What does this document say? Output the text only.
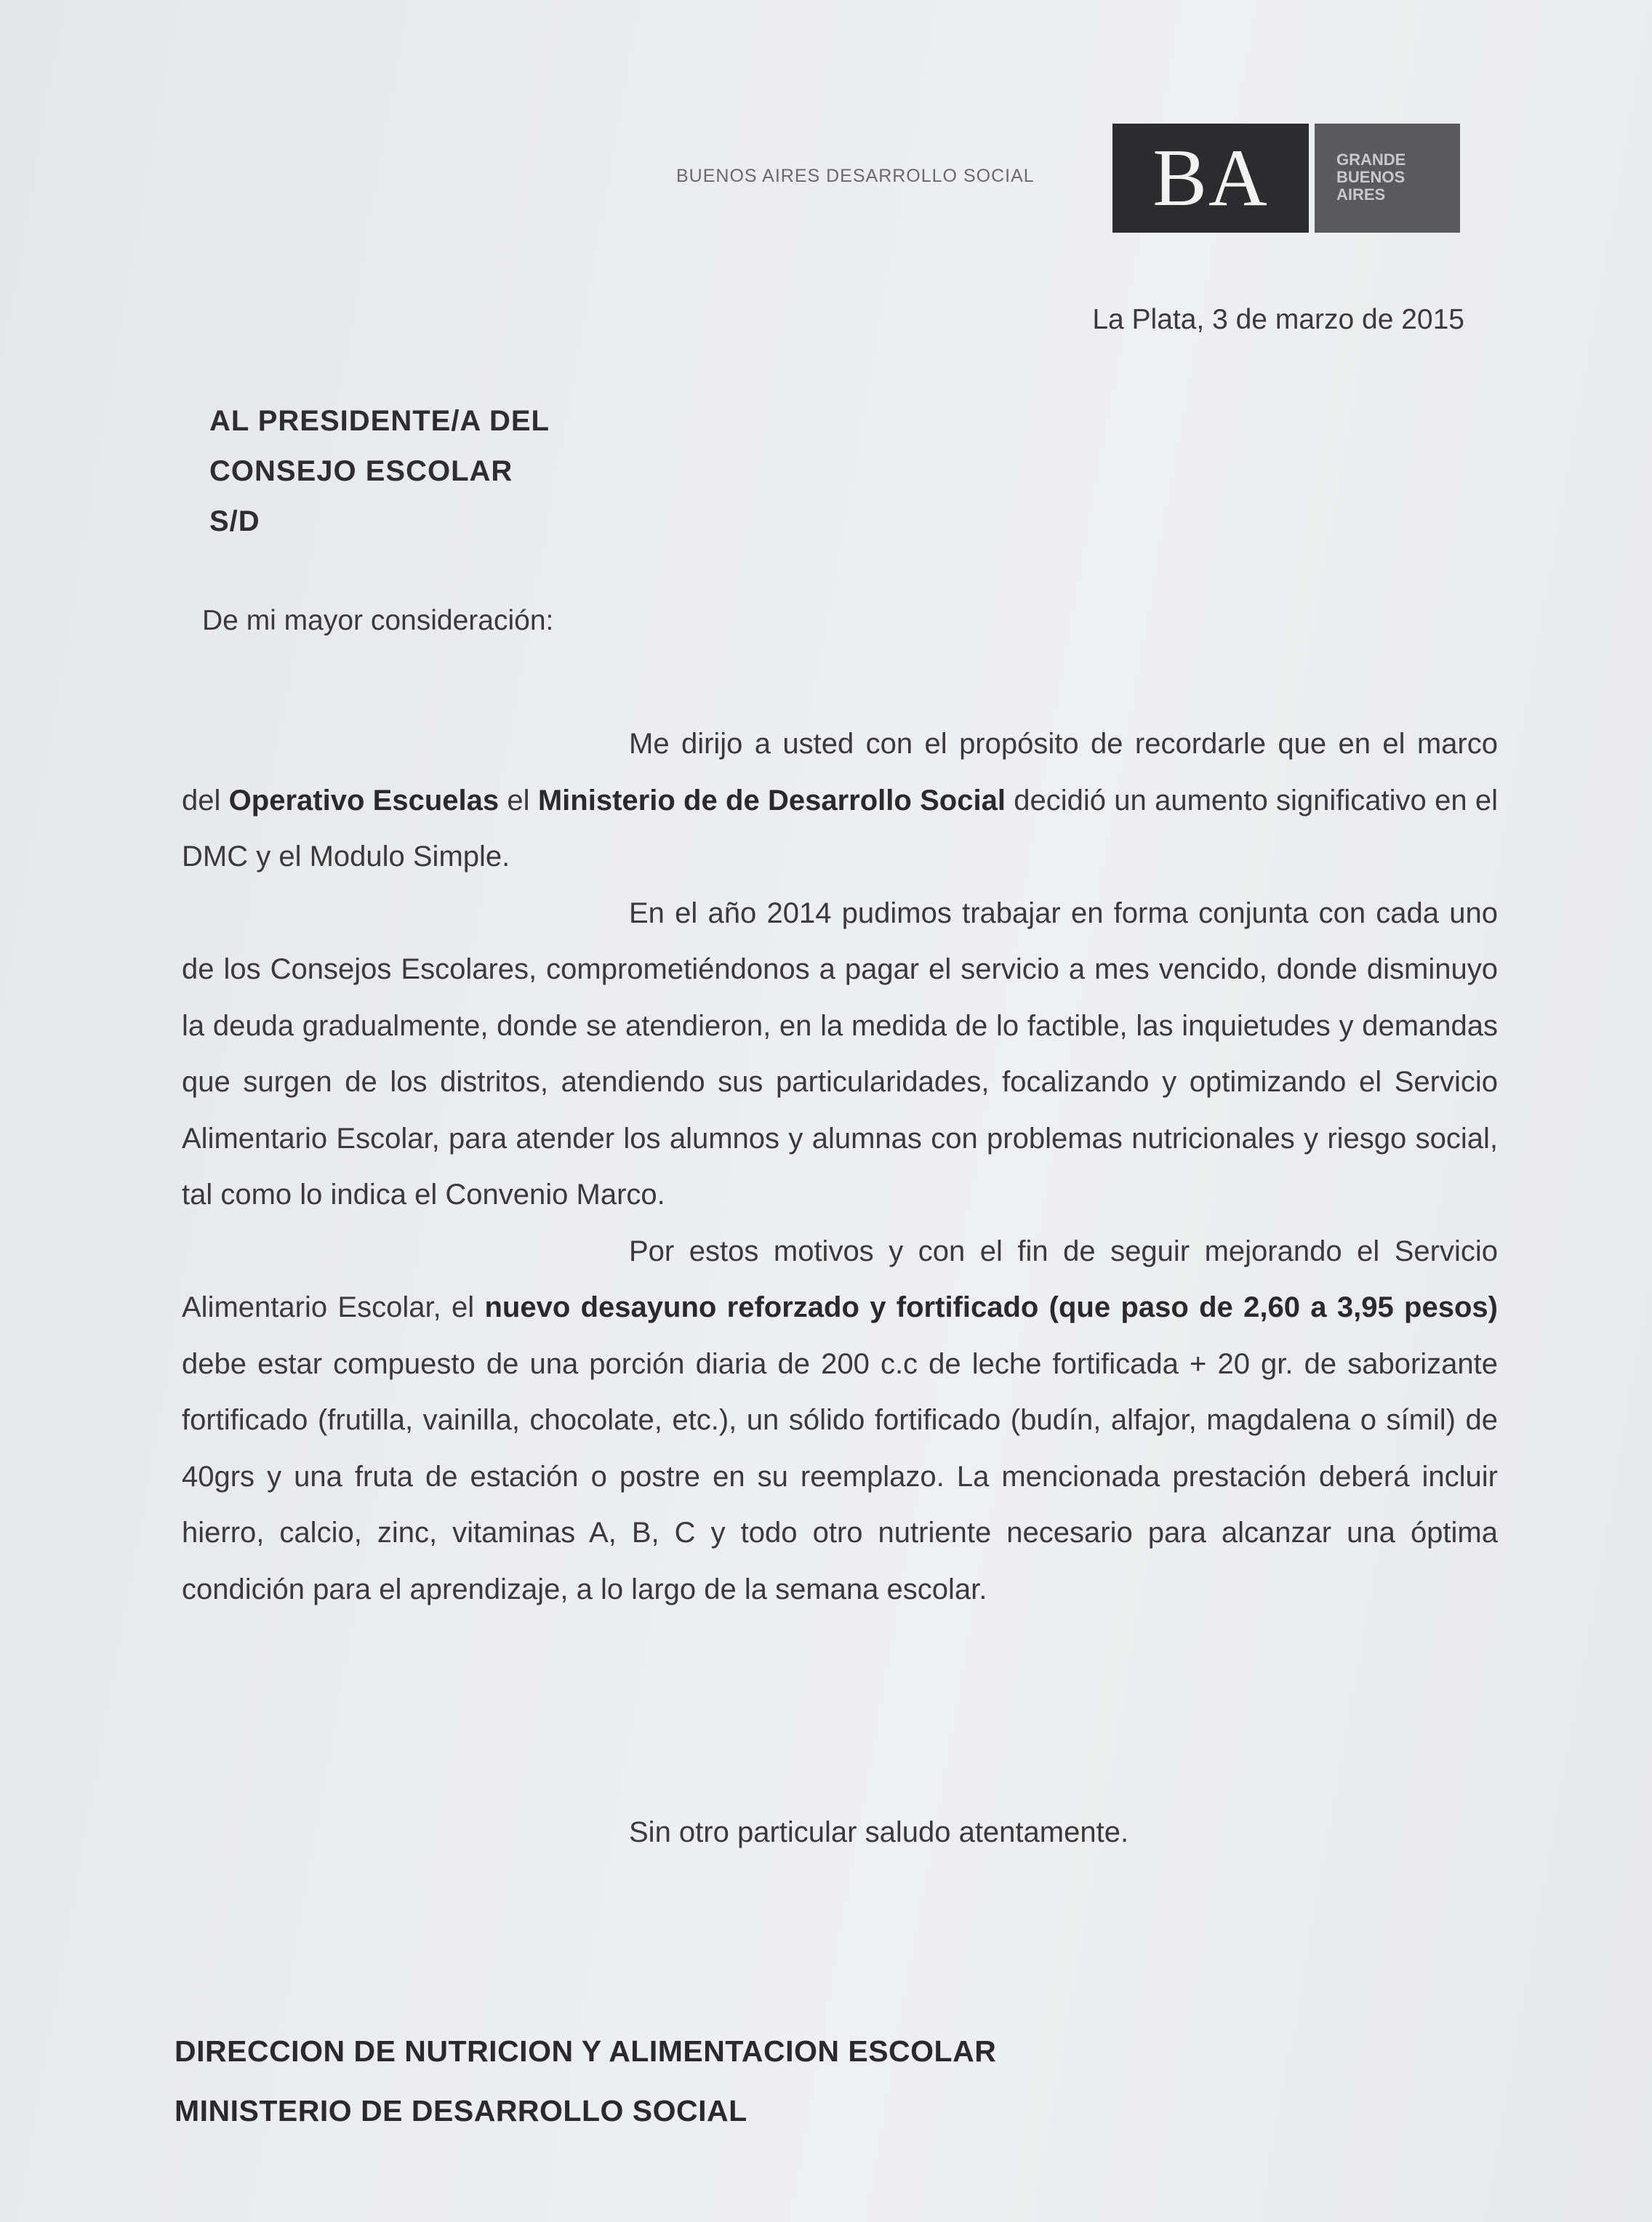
BUENOS AIRES DESARROLLO SOCIAL	BA	GRANDE
BUENOS
AIRES
La Plata, 3 de marzo de 2015
AL PRESIDENTE/A DEL
CONSEJO ESCOLAR
S/D
De mi mayor consideración:

Me dirijo a usted con el propósito de recordarle que en el marco del Operativo Escuelas el Ministerio de de Desarrollo Social decidió un aumento significativo en el DMC y el Modulo Simple.

En el año 2014 pudimos trabajar en forma conjunta con cada uno de los Consejos Escolares, comprometiéndonos a pagar el servicio a mes vencido, donde disminuyo la deuda gradualmente, donde se atendieron, en la medida de lo factible, las inquietudes y demandas que surgen de los distritos, atendiendo sus particularidades, focalizando y optimizando el Servicio Alimentario Escolar, para atender los alumnos y alumnas con problemas nutricionales y riesgo social, tal como lo indica el Convenio Marco.

Por estos motivos y con el fin de seguir mejorando el Servicio Alimentario Escolar, el nuevo desayuno reforzado y fortificado (que paso de 2,60 a 3,95 pesos) debe estar compuesto de una porción diaria de 200 c.c de leche fortificada + 20 gr. de saborizante fortificado (frutilla, vainilla, chocolate, etc.), un sólido fortificado (budín, alfajor, magdalena o símil) de 40grs y una fruta de estación o postre en su reemplazo. La mencionada prestación deberá incluir hierro, calcio, zinc, vitaminas A, B, C y todo otro nutriente necesario para alcanzar una óptima condición para el aprendizaje, a lo largo de la semana escolar.

Sin otro particular saludo atentamente.
DIRECCION DE NUTRICION Y ALIMENTACION ESCOLAR
MINISTERIO DE DESARROLLO SOCIAL
